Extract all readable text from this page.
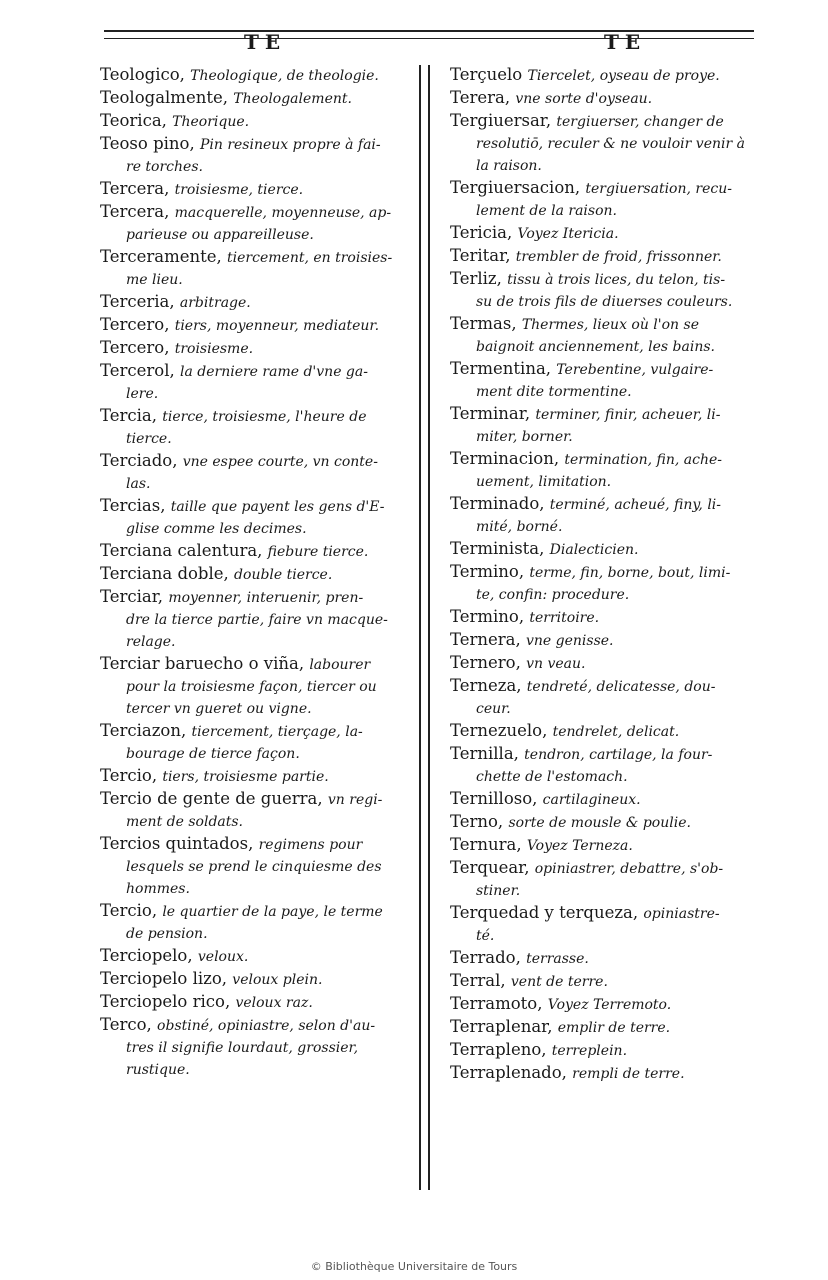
TE	TE

Teologico, Theologique, de theologie.

Teologalmente, Theologalement.

Teorica, Theorique.

Teoso pino, Pin resineux propre à fai-
re torches.

Tercera, troisiesme, tierce.

Tercera, macquerelle, moyenneuse, ap-
parieuse ou appareilleuse.

Terceramente, tiercement, en troisies-
me lieu.

Terceria, arbitrage.

Tercero, tiers, moyenneur, mediateur.

Tercero, troisiesme.

Tercerol, la derniere rame d'vne ga-
lere.

Tercia, tierce, troisiesme, l'heure de
tierce.

Terciado, vne espee courte, vn conte-
las.

Tercias, taille que payent les gens d'E-
glise comme les decimes.

Terciana calentura, fiebure tierce.

Terciana doble, double tierce.

Terciar, moyenner, interuenir, pren-
dre la tierce partie, faire vn macque-relage.

Terciar baruecho o viña, labourer
pour la troisiesme façon, tiercer ou tercer vn gueret ou vigne.

Terciazon, tiercement, tierçage, la-
bourage de tierce façon.

Tercio, tiers, troisiesme partie.

Tercio de gente de guerra, vn regi-
ment de soldats.

Tercios quintados, regimens pour
lesquels se prend le cinquiesme des hommes.

Tercio, le quartier de la paye, le terme
de pension.

Terciopelo, veloux.

Terciopelo lizo, veloux plein.

Terciopelo rico, veloux raz.

Terco, obstiné, opiniastre, selon d'au-
tres il signifie lourdaut, grossier, rustique.

Terçuelo Tiercelet, oyseau de proye.

Terera, vne sorte d'oyseau.

Tergiuersar, tergiuerser, changer de
resolutiō, reculer & ne vouloir venir à la raison.

Tergiuersacion, tergiuersation, recu-
lement de la raison.

Tericia, Voyez Itericia.

Teritar, trembler de froid, frissonner.

Terliz, tissu à trois lices, du telon, tis-
su de trois fils de diuerses couleurs.

Termas, Thermes, lieux où l'on se
baignoit anciennement, les bains.

Termentina, Terebentine, vulgaire-
ment dite tormentine.

Terminar, terminer, finir, acheuer, li-
miter, borner.

Terminacion, termination, fin, ache-
uement, limitation.

Terminado, terminé, acheué, finy, li-
mité, borné.

Terminista, Dialecticien.

Termino, terme, fin, borne, bout, limi-
te, confin: procedure.

Termino, territoire.

Ternera, vne genisse.

Ternero, vn veau.

Terneza, tendreté, delicatesse, dou-
ceur.

Ternezuelo, tendrelet, delicat.

Ternilla, tendron, cartilage, la four-
chette de l'estomach.

Ternilloso, cartilagineux.

Terno, sorte de mousle & poulie.

Ternura, Voyez Terneza.

Terquear, opiniastrer, debattre, s'ob-
stiner.

Terquedad y terqueza, opiniastre-
té.

Terrado, terrasse.

Terral, vent de terre.

Terramoto, Voyez Terremoto.

Terraplenar, emplir de terre.

Terrapleno, terreplein.

Terraplenado, rempli de terre.

© Bibliothèque Universitaire de Tours
